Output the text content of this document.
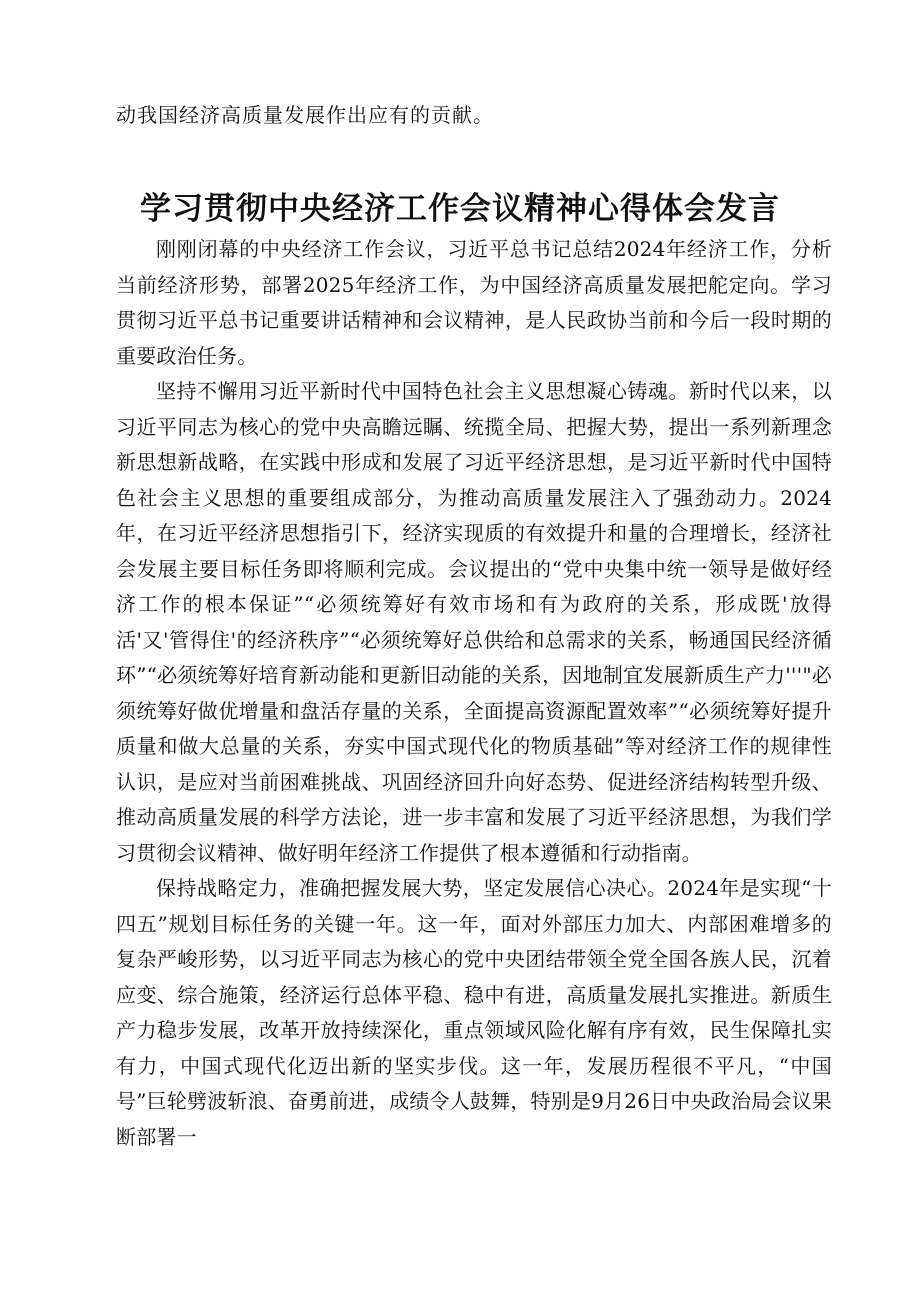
动我国经济高质量发展作出应有的贡献。
学习贯彻中央经济工作会议精神心得体会发言

刚刚闭幕的中央经济工作会议，习近平总书记总结2024年经济工作，分析当前经济形势，部署2025年经济工作，为中国经济高质量发展把舵定向。学习贯彻习近平总书记重要讲话精神和会议精神，是人民政协当前和今后一段时期的重要政治任务。

坚持不懈用习近平新时代中国特色社会主义思想凝心铸魂。新时代以来，以习近平同志为核心的党中央高瞻远瞩、统揽全局、把握大势，提出一系列新理念新思想新战略，在实践中形成和发展了习近平经济思想，是习近平新时代中国特色社会主义思想的重要组成部分，为推动高质量发展注入了强劲动力。2024年，在习近平经济思想指引下，经济实现质的有效提升和量的合理增长，经济社会发展主要目标任务即将顺利完成。会议提出的“党中央集中统一领导是做好经济工作的根本保证”“必须统筹好有效市场和有为政府的关系，形成既'放得活'又'管得住'的经济秩序”“必须统筹好总供给和总需求的关系，畅通国民经济循环”“必须统筹好培育新动能和更新旧动能的关系，因地制宜发展新质生产力'''"必须统筹好做优增量和盘活存量的关系，全面提高资源配置效率”“必须统筹好提升质量和做大总量的关系，夯实中国式现代化的物质基础”等对经济工作的规律性认识，是应对当前困难挑战、巩固经济回升向好态势、促进经济结构转型升级、推动高质量发展的科学方法论，进一步丰富和发展了习近平经济思想，为我们学习贯彻会议精神、做好明年经济工作提供了根本遵循和行动指南。

保持战略定力，准确把握发展大势，坚定发展信心决心。2024年是实现“十四五”规划目标任务的关键一年。这一年，面对外部压力加大、内部困难增多的复杂严峻形势，以习近平同志为核心的党中央团结带领全党全国各族人民，沉着应变、综合施策，经济运行总体平稳、稳中有进，高质量发展扎实推进。新质生产力稳步发展，改革开放持续深化，重点领域风险化解有序有效，民生保障扎实有力，中国式现代化迈出新的坚实步伐。这一年，发展历程很不平凡，“中国号”巨轮劈波斩浪、奋勇前进，成绩令人鼓舞，特别是9月26日中央政治局会议果断部署一
